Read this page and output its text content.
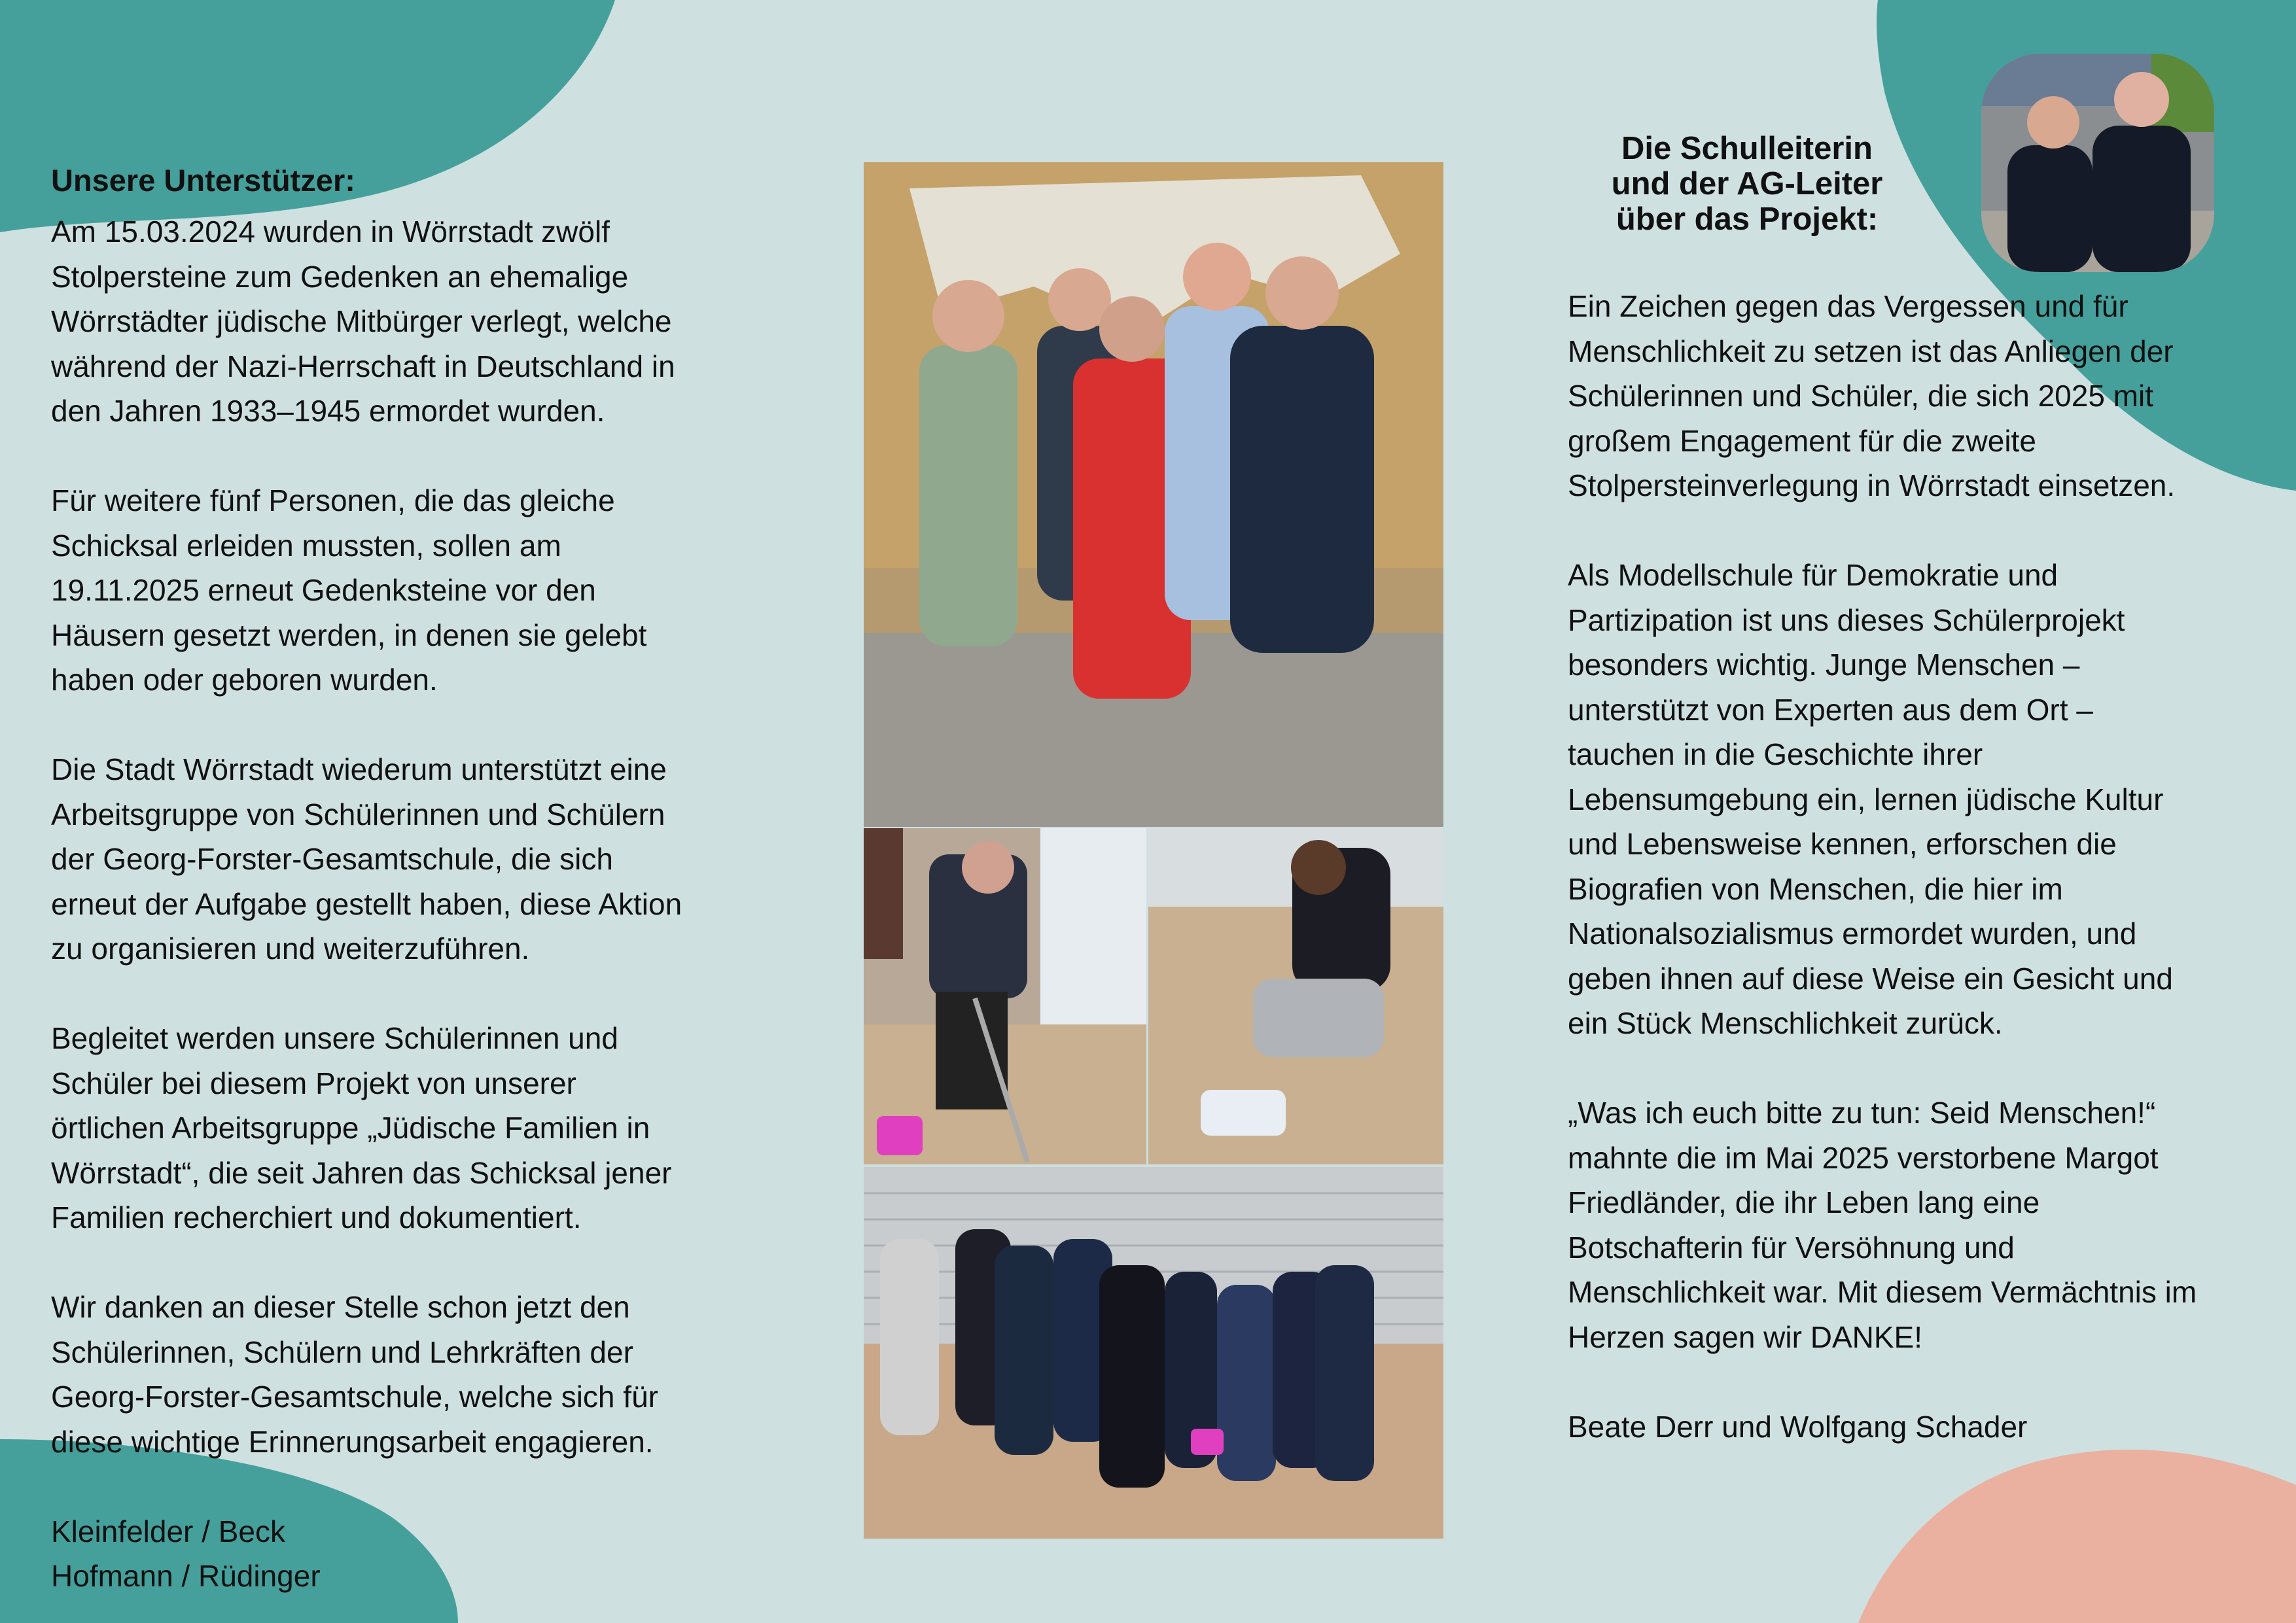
Unsere Unterstützer:

Am 15.03.2024 wurden in Wörrstadt zwölf
Stolpersteine zum Gedenken an ehemalige
Wörrstädter jüdische Mitbürger verlegt, welche
während der Nazi-Herrschaft in Deutschland in
den Jahren 1933–1945 ermordet wurden.

Für weitere fünf Personen, die das gleiche
Schicksal erleiden mussten, sollen am
19.11.2025 erneut Gedenksteine vor den
Häusern gesetzt werden, in denen sie gelebt
haben oder geboren wurden.

Die Stadt Wörrstadt wiederum unterstützt eine
Arbeitsgruppe von Schülerinnen und Schülern
der Georg-Forster-Gesamtschule, die sich
erneut der Aufgabe gestellt haben, diese Aktion
zu organisieren und weiterzuführen.

Begleitet werden unsere Schülerinnen und
Schüler bei diesem Projekt von unserer
örtlichen Arbeitsgruppe „Jüdische Familien in
Wörrstadt“, die seit Jahren das Schicksal jener
Familien recherchiert und dokumentiert.

Wir danken an dieser Stelle schon jetzt den
Schülerinnen, Schülern und Lehrkräften der
Georg-Forster-Gesamtschule, welche sich für
diese wichtige Erinnerungsarbeit engagieren.

Kleinfelder / Beck
Hofmann / Rüdinger

Die Schulleiterin
und der AG-Leiter
über das Projekt:

Ein Zeichen gegen das Vergessen und für
Menschlichkeit zu setzen ist das Anliegen der
Schülerinnen und Schüler, die sich 2025 mit
großem Engagement für die zweite
Stolpersteinverlegung in Wörrstadt einsetzen.

Als Modellschule für Demokratie und
Partizipation ist uns dieses Schülerprojekt
besonders wichtig. Junge Menschen –
unterstützt von Experten aus dem Ort –
tauchen in die Geschichte ihrer
Lebensumgebung ein, lernen jüdische Kultur
und Lebensweise kennen, erforschen die
Biografien von Menschen, die hier im
Nationalsozialismus ermordet wurden, und
geben ihnen auf diese Weise ein Gesicht und
ein Stück Menschlichkeit zurück.

„Was ich euch bitte zu tun: Seid Menschen!“
mahnte die im Mai 2025 verstorbene Margot
Friedländer, die ihr Leben lang eine
Botschafterin für Versöhnung und
Menschlichkeit war. Mit diesem Vermächtnis im
Herzen sagen wir DANKE!

Beate Derr und Wolfgang Schader
